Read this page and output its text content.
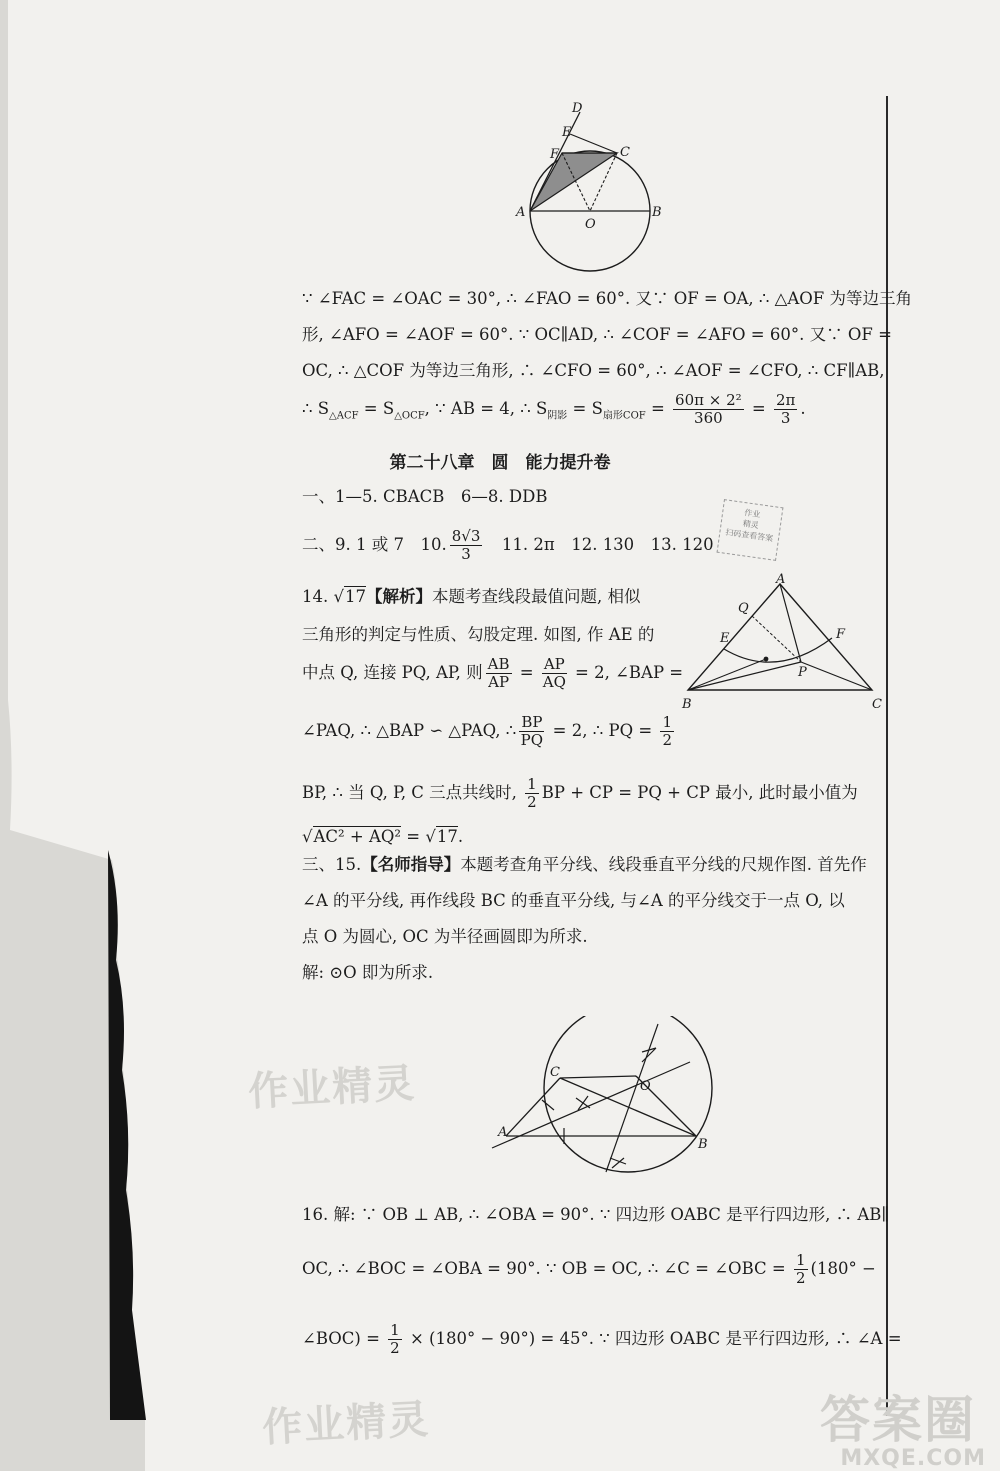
D
E
F	C
A	B
O
∵ ∠FAC = ∠OAC = 30°, ∴ ∠FAO = 60°. 又∵ OF = OA, ∴ △AOF 为等边三角
形, ∠AFO = ∠AOF = 60°. ∵ OC∥AD, ∴ ∠COF = ∠AFO = 60°. 又∵ OF =
OC, ∴ △COF 为等边三角形, ∴ ∠CFO = 60°, ∴ ∠AOF = ∠CFO, ∴ CF∥AB,
∴ $S_{\triangle ACF} = S_{\triangle OCF}$, ∵ AB = 4, ∴ $S_{阴影} = S_{扇形COF} = \frac{\text{60π × 2²}}{360} = \frac{2\pi}{3}$ .
第二十八章　圆　能力提升卷
一、1—5. CBACB　6—8. DDB
二、9. 1 或 7　10. $\frac{8√3}{3}$ 　11. 2π　12. 130　13. 120
作业
精灵
扫码查看答案
14. √17【解析】本题考查线段最值问题, 相似
三角形的判定与性质、勾股定理. 如图, 作 AE 的
中点 Q, 连接 PQ, AP, 则 $\frac{AB}{AP} = \frac{AP}{AQ} = 2$, ∠BAP =
∠PAQ, ∴ △BAP ∽ △PAQ, ∴ $\frac{BP}{PQ} = 2$, ∴ PQ = $\frac{1}{2}$
BP, ∴ 当 Q, P, C 三点共线时, $\frac{1}{2}$ BP + CP = PQ + CP 最小, 此时最小值为
√AC² + AQ² = √17.
A
Q
E	F
P
B	C
三、15.【名师指导】本题考查角平分线、线段垂直平分线的尺规作图. 首先作
∠A 的平分线, 再作线段 BC 的垂直平分线, 与∠A 的平分线交于一点 O, 以
点 O 为圆心, OC 为半径画圆即为所求.
解: ⊙O 即为所求.
A
B
C
O
16. 解: ∵ OB ⊥ AB, ∴ ∠OBA = 90°. ∵ 四边形 OABC 是平行四边形, ∴ AB∥
OC, ∴ ∠BOC = ∠OBA = 90°. ∵ OB = OC, ∴ ∠C = ∠OBC = $\frac{1}{2} (180^\circ$ −
∠BOC) = $\frac{1}{2} \times (180^\circ - 90^\circ) = 45^\circ$. ∵ 四边形 OABC 是平行四边形, ∴ ∠A =
作业精灵
作业精灵	答案圈
MXQE.COM
